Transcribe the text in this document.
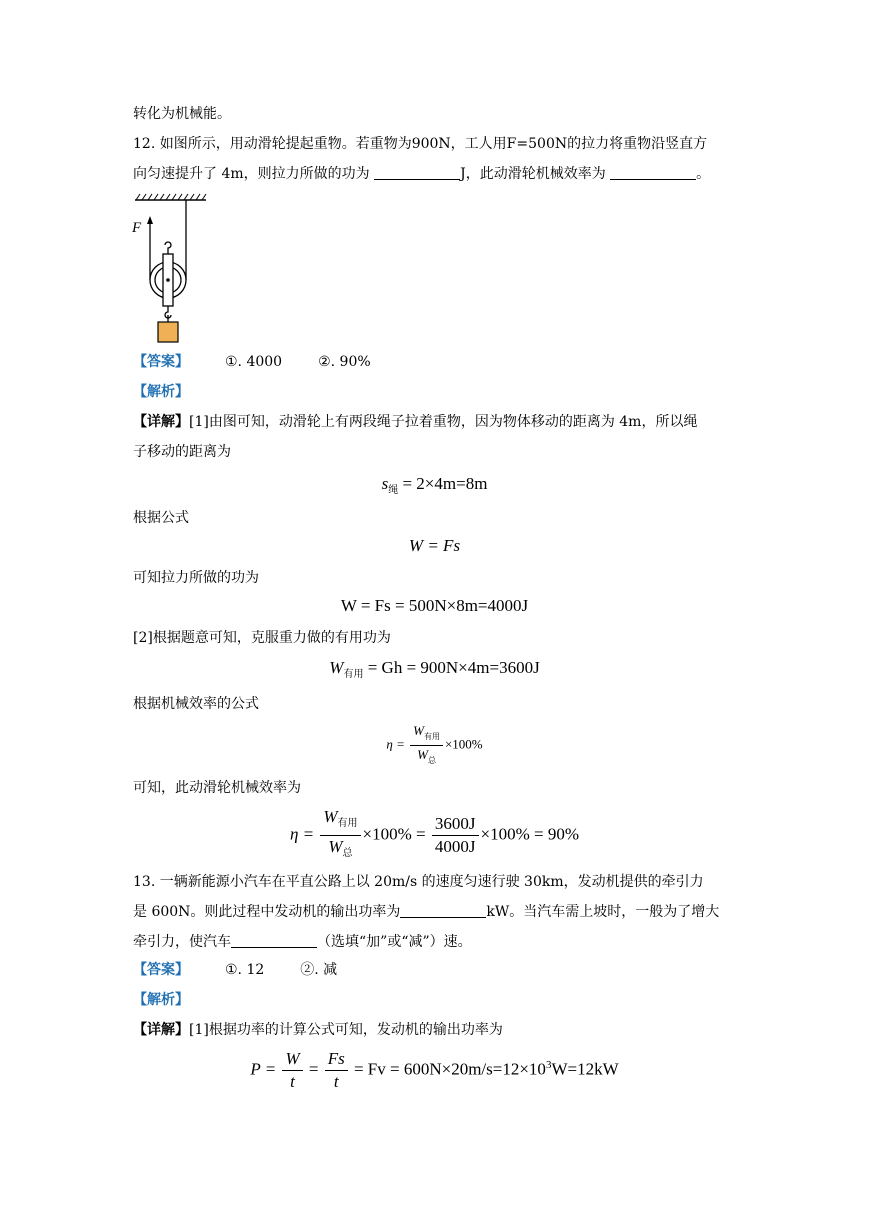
转化为机械能。
12. 如图所示，用动滑轮提起重物。若重物为900N，工人用F=500N的拉力将重物沿竖直方
向匀速提升了 4m，则拉力所做的功为	J，此动滑轮机械效率为	。
F
【答案】	①. 4000	②. 90%
【解析】
【详解】[1]由图可知，动滑轮上有两段绳子拉着重物，因为物体移动的距离为 4m，所以绳
子移动的距离为
$s_绳 = 2\times 4m=8m$
根据公式
W = Fs
可知拉力所做的功为
W = Fs = 500N×8m=4000J
[2]根据题意可知，克服重力做的有用功为
$W_{有用} = Gh = 900N\times 4m=3600J$
根据机械效率的公式
$\eta = \frac{W_{有用}}{W_总} \times 100\%$
可知，此动滑轮机械效率为
$\eta = \frac{W_{有用}}{W_总} \times 100\% = \frac{3600J}{4000J} \times 100\% = 90\%$
13. 一辆新能源小汽车在平直公路上以 20m/s 的速度匀速行驶 30km，发动机提供的牵引力
是 600N。则此过程中发动机的输出功率为	kW。当汽车需上坡时，一般为了增大
牵引力，使汽车	（选填“加”或“减”）速。
【答案】	①. 12	②. 减
【解析】
【详解】[1]根据功率的计算公式可知，发动机的输出功率为
$P = \frac{W}{t} = \frac{Fs}{t} = Fv = 600N\times 20m/s=12\times 10^3W=12kW$
